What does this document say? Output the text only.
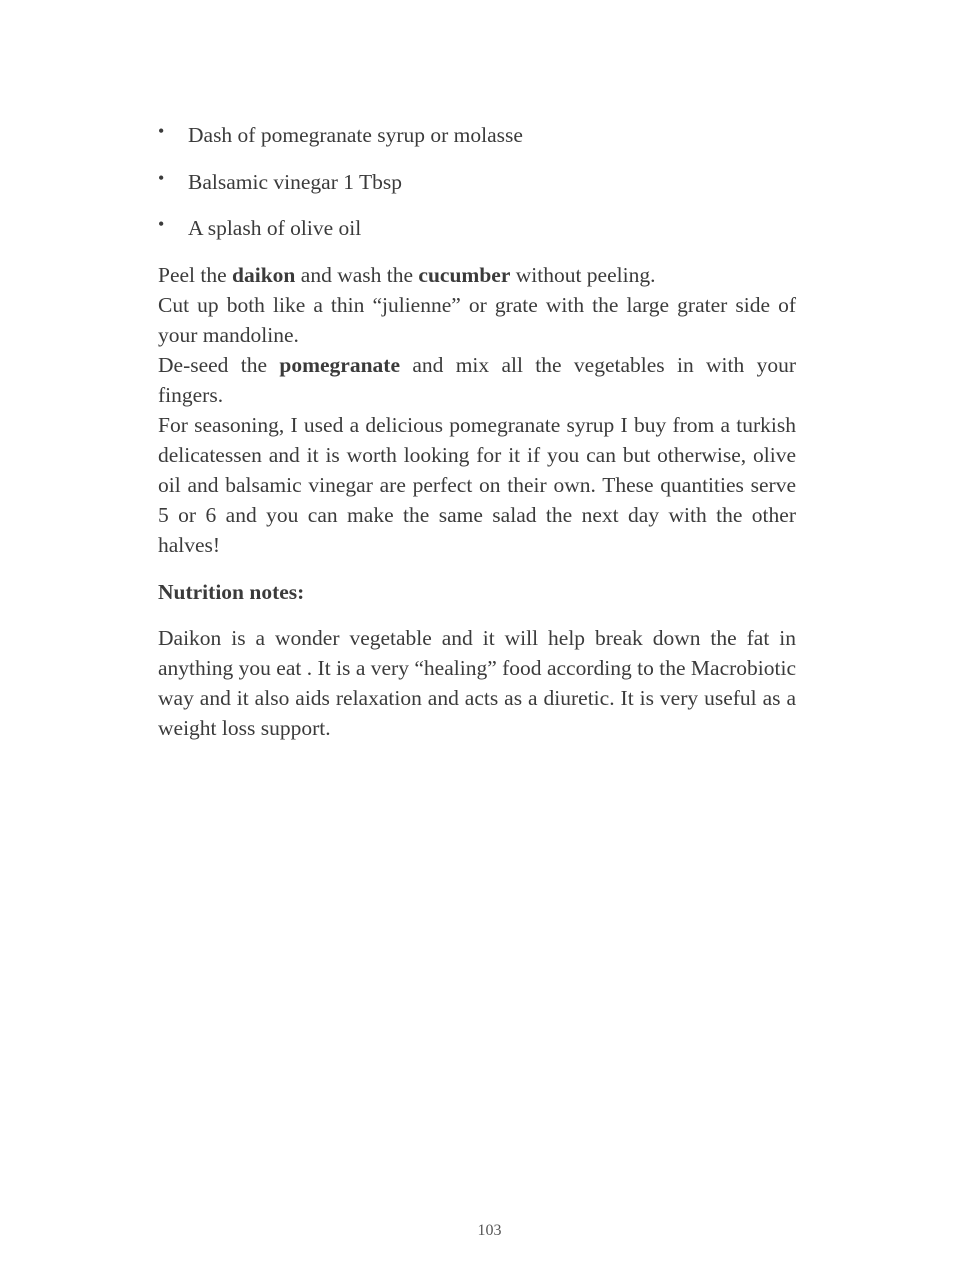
• Dash of pomegranate syrup or molasse
• Balsamic vinegar 1 Tbsp
• A splash of olive oil

Peel the daikon and wash the cucumber without peeling.

Cut up both like a thin “julienne” or grate with the large grater side of your mandoline.

De-seed the pomegranate and mix all the vegetables in with your fingers.

For seasoning, I used a delicious pomegranate syrup I buy from a turkish delicatessen and it is worth looking for it if you can but otherwise, olive oil and balsamic vinegar are perfect on their own. These quantities serve 5 or 6 and you can make the same salad the next day with the other halves!

Nutrition notes:

Daikon is a wonder vegetable and it will help break down the fat in anything you eat . It is a very “healing” food according to the Macrobiotic way and it also aids relaxation and acts as a diuretic. It is very useful as a weight loss support.

103
